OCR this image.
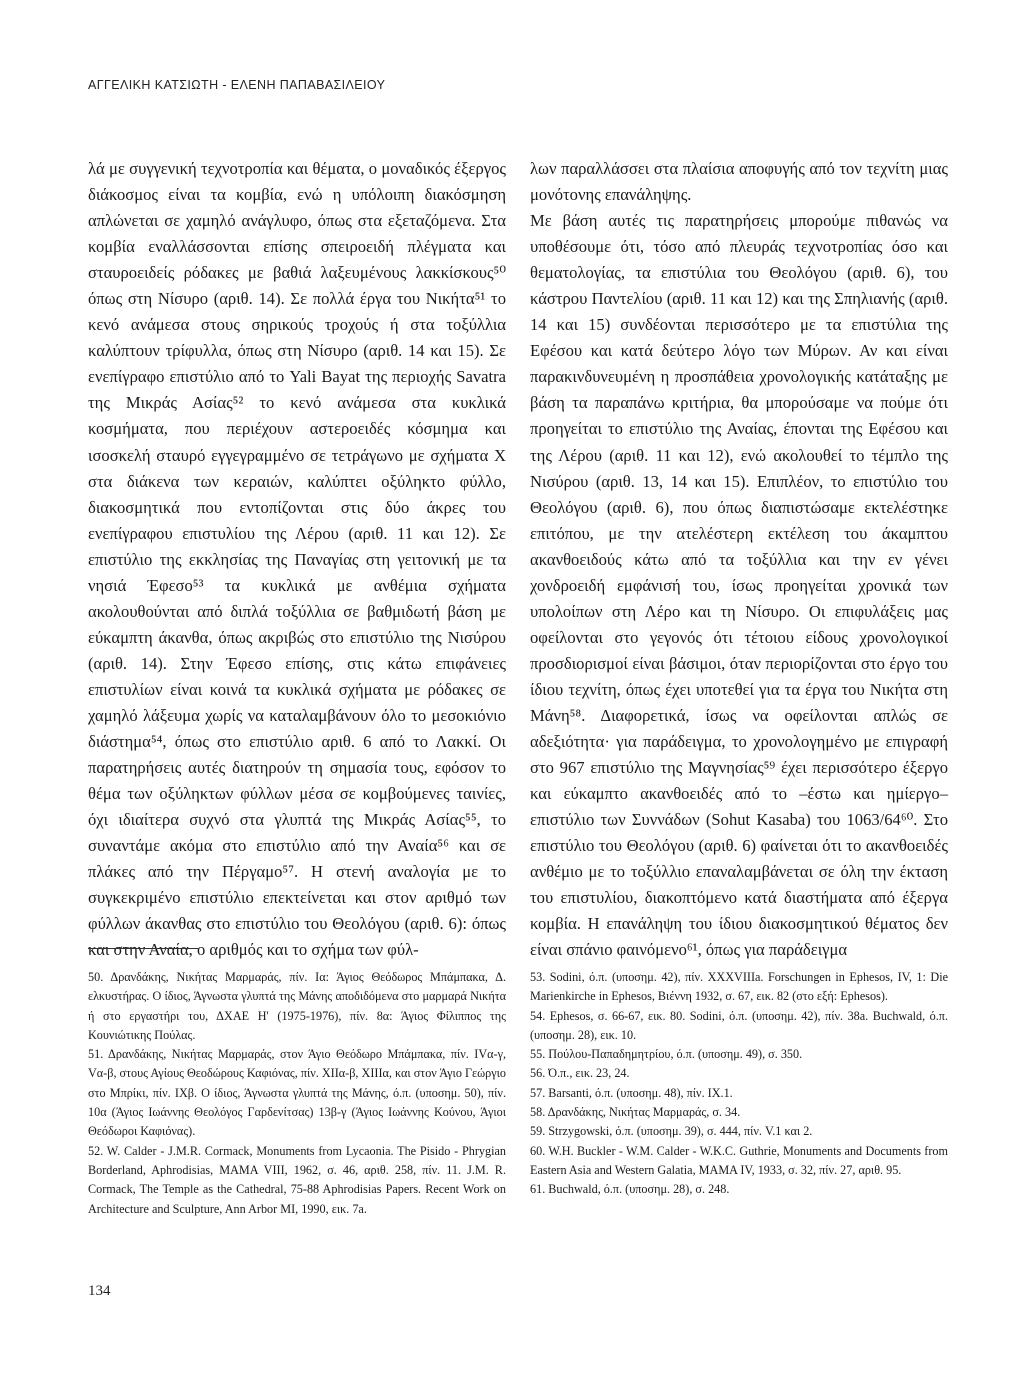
ΑΓΓΕΛΙΚΗ ΚΑΤΣΙΩΤΗ - ΕΛΕΝΗ ΠΑΠΑΒΑΣΙΛΕΙΟΥ

λά με συγγενική τεχνοτροπία και θέματα, ο μοναδικός έξεργος διάκοσμος είναι τα κομβία, ενώ η υπόλοιπη διακόσμηση απλώνεται σε χαμηλό ανάγλυφο, όπως στα εξεταζόμενα. Στα κομβία εναλλάσσονται επίσης σπειροειδή πλέγματα και σταυροειδείς ρόδακες με βαθιά λαξευμένους λακκίσκους⁵⁰ όπως στη Νίσυρο (αριθ. 14). Σε πολλά έργα του Νικήτα⁵¹ το κενό ανάμεσα στους σηρικούς τροχούς ή στα τοξύλλια καλύπτουν τρίφυλλα, όπως στη Νίσυρο (αριθ. 14 και 15). Σε ενεπίγραφο επιστύλιο από το Yali Bayat της περιοχής Savatra της Μικράς Ασίας⁵² το κενό ανάμεσα στα κυκλικά κοσμήματα, που περιέχουν αστεροειδές κόσμημα και ισοσκελή σταυρό εγγεγραμμένο σε τετράγωνο με σχήματα X στα διάκενα των κεραιών, καλύπτει οξύληκτο φύλλο, διακοσμητικά που εντοπίζονται στις δύο άκρες του ενεπίγραφου επιστυλίου της Λέρου (αριθ. 11 και 12). Σε επιστύλιο της εκκλησίας της Παναγίας στη γειτονική με τα νησιά Έφεσο⁵³ τα κυκλικά με ανθέμια σχήματα ακολουθούνται από διπλά τοξύλλια σε βαθμιδωτή βάση με εύκαμπτη άκανθα, όπως ακριβώς στο επιστύλιο της Νισύρου (αριθ. 14). Στην Έφεσο επίσης, στις κάτω επιφάνειες επιστυλίων είναι κοινά τα κυκλικά σχήματα με ρόδακες σε χαμηλό λάξευμα χωρίς να καταλαμβάνουν όλο το μεσοκιόνιο διάστημα⁵⁴, όπως στο επιστύλιο αριθ. 6 από το Λακκί. Οι παρατηρήσεις αυτές διατηρούν τη σημασία τους, εφόσον το θέμα των οξύληκτων φύλλων μέσα σε κομβούμενες ταινίες, όχι ιδιαίτερα συχνό στα γλυπτά της Μικράς Ασίας⁵⁵, το συναντάμε ακόμα στο επιστύλιο από την Αναία⁵⁶ και σε πλάκες από την Πέργαμο⁵⁷. Η στενή αναλογία με το συγκεκριμένο επιστύλιο επεκτείνεται και στον αριθμό των φύλλων άκανθας στο επιστύλιο του Θεολόγου (αριθ. 6): όπως και στην Αναία, ο αριθμός και το σχήμα των φύλ-

λων παραλλάσσει στα πλαίσια αποφυγής από τον τεχνίτη μιας μονότονης επανάληψης.

Με βάση αυτές τις παρατηρήσεις μπορούμε πιθανώς να υποθέσουμε ότι, τόσο από πλευράς τεχνοτροπίας όσο και θεματολογίας, τα επιστύλια του Θεολόγου (αριθ. 6), του κάστρου Παντελίου (αριθ. 11 και 12) και της Σπηλιανής (αριθ. 14 και 15) συνδέονται περισσότερο με τα επιστύλια της Εφέσου και κατά δεύτερο λόγο των Μύρων. Αν και είναι παρακινδυνευμένη η προσπάθεια χρονολογικής κατάταξης με βάση τα παραπάνω κριτήρια, θα μπορούσαμε να πούμε ότι προηγείται το επιστύλιο της Αναίας, έπονται της Εφέσου και της Λέρου (αριθ. 11 και 12), ενώ ακολουθεί το τέμπλο της Νισύρου (αριθ. 13, 14 και 15). Επιπλέον, το επιστύλιο του Θεολόγου (αριθ. 6), που όπως διαπιστώσαμε εκτελέστηκε επιτόπου, με την ατελέστερη εκτέλεση του άκαμπτου ακανθοειδούς κάτω από τα τοξύλλια και την εν γένει χονδροειδή εμφάνισή του, ίσως προηγείται χρονικά των υπολοίπων στη Λέρο και τη Νίσυρο. Οι επιφυλάξεις μας οφείλονται στο γεγονός ότι τέτοιου είδους χρονολογικοί προσδιορισμοί είναι βάσιμοι, όταν περιορίζονται στο έργο του ίδιου τεχνίτη, όπως έχει υποτεθεί για τα έργα του Νικήτα στη Μάνη⁵⁸. Διαφορετικά, ίσως να οφείλονται απλώς σε αδεξιότητα· για παράδειγμα, το χρονολογημένο με επιγραφή στο 967 επιστύλιο της Μαγνησίας⁵⁹ έχει περισσότερο έξεργο και εύκαμπτο ακανθοειδές από το –έστω και ημίεργο– επιστύλιο των Συννάδων (Sohut Kasaba) του 1063/64⁶⁰. Στο επιστύλιο του Θεολόγου (αριθ. 6) φαίνεται ότι το ακανθοειδές ανθέμιο με το τοξύλλιο επαναλαμβάνεται σε όλη την έκταση του επιστυλίου, διακοπτόμενο κατά διαστήματα από έξεργα κομβία. Η επανάληψη του ίδιου διακοσμητικού θέματος δεν είναι σπάνιο φαινόμενο⁶¹, όπως για παράδειγμα

50. Δρανδάκης, Νικήτας Μαρμαράς, πίν. Ια: Άγιος Θεόδωρος Μπάμπακα, Δ. ελκυστήρας. Ο ίδιος, Άγνωστα γλυπτά της Μάνης αποδιδόμενα στο μαρμαρά Νικήτα ή στο εργαστήρι του, ΔΧΑΕ Η' (1975-1976), πίν. 8α: Άγιος Φίλιππος της Κουνιώτικης Πούλας.

51. Δρανδάκης, Νικήτας Μαρμαράς, στον Άγιο Θεόδωρο Μπάμπακα, πίν. IVα-γ, Vα-β, στους Αγίους Θεοδώρους Καφιόνας, πίν. XIIα-β, XIIIα, και στον Άγιο Γεώργιο στο Μπρίκι, πίν. IXβ. Ο ίδιος, Άγνωστα γλυπτά της Μάνης, ό.π. (υποσημ. 50), πίν. 10α (Άγιος Ιωάννης Θεολόγος Γαρδενίτσας) 13β-γ (Άγιος Ιωάννης Κούνου, Άγιοι Θεόδωροι Καφιόνας).

52. W. Calder - J.M.R. Cormack, Monuments from Lycaonia. The Pisido - Phrygian Borderland, Aphrodisias, MAMA VIII, 1962, σ. 46, αριθ. 258, πίν. 11. J.M. R. Cormack, The Temple as the Cathedral, 75-88 Aphrodisias Papers. Recent Work on Architecture and Sculpture, Ann Arbor MI, 1990, εικ. 7a.

53. Sodini, ό.π. (υποσημ. 42), πίν. XXXVIIIa. Forschungen in Ephesos, IV, 1: Die Marienkirche in Ephesos, Βιέννη 1932, σ. 67, εικ. 82 (στο εξή: Ephesos).

54. Ephesos, σ. 66-67, εικ. 80. Sodini, ό.π. (υποσημ. 42), πίν. 38a. Buchwald, ό.π. (υποσημ. 28), εικ. 10.

55. Πούλου-Παπαδημητρίου, ό.π. (υποσημ. 49), σ. 350.

56. Ό.π., εικ. 23, 24.

57. Barsanti, ό.π. (υποσημ. 48), πίν. IX.1.

58. Δρανδάκης, Νικήτας Μαρμαράς, σ. 34.

59. Strzygowski, ό.π. (υποσημ. 39), σ. 444, πίν. V.1 και 2.

60. W.H. Buckler - W.M. Calder - W.K.C. Guthrie, Monuments and Documents from Eastern Asia and Western Galatia, MAMA IV, 1933, σ. 32, πίν. 27, αριθ. 95.

61. Buchwald, ό.π. (υποσημ. 28), σ. 248.

134
